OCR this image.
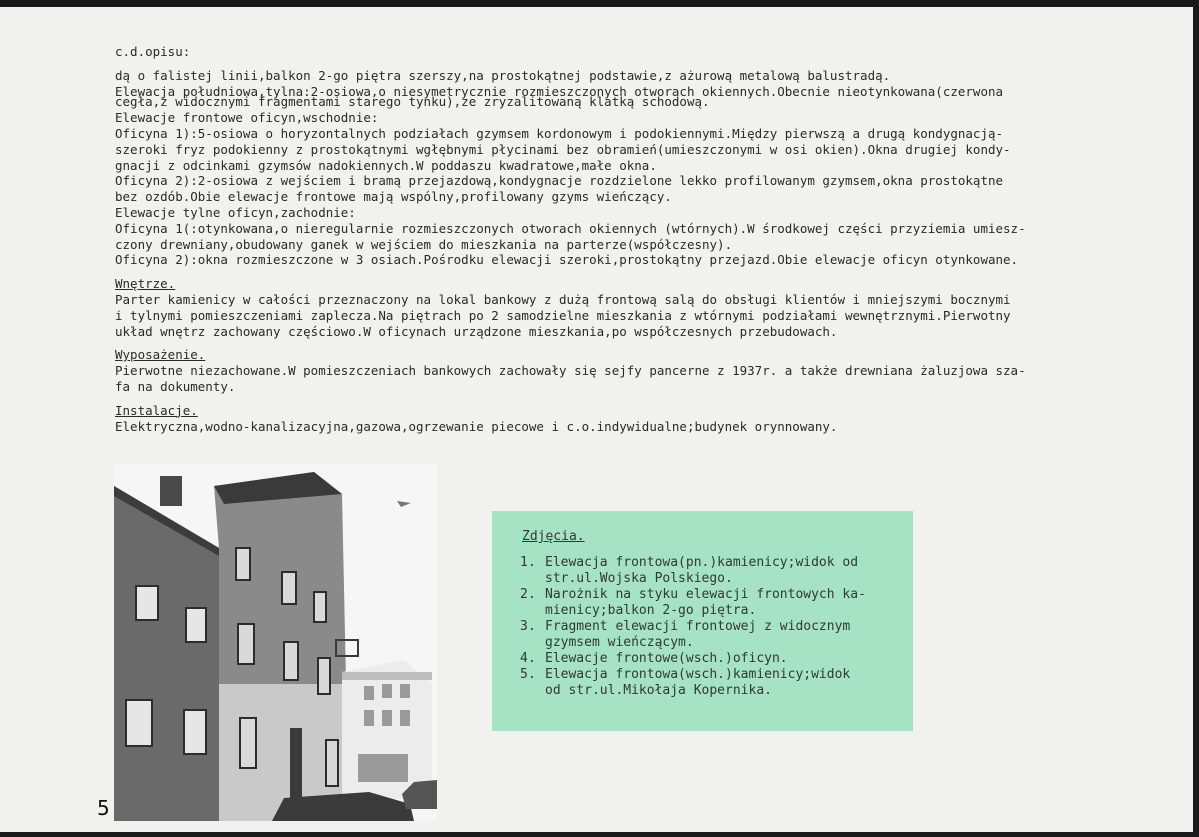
c.d.opisu:
dą o falistej linii,balkon 2-go piętra szerszy,na prostokątnej podstawie,z ażurową metalową balustradą.
Elewacja południowa,tylna:2-osiowa,o niesymetrycznie rozmieszczonych otworach okiennych.Obecnie nieotynkowana(czerwona
cegła,z widocznymi fragmentami starego tynku),ze zryzalitowaną klatką schodową.
Elewacje frontowe oficyn,wschodnie:
Oficyna 1):5-osiowa o horyzontalnych podziałach gzymsem kordonowym i podokiennymi.Między pierwszą a drugą kondygnacją-
szeroki fryz podokienny z prostokątnymi wgłębnymi płycinami bez obramień(umieszczonymi w osi okien).Okna drugiej kondy-
gnacji z odcinkami gzymsów nadokiennych.W poddaszu kwadratowe,małe okna.
Oficyna 2):2-osiowa z wejściem i bramą przejazdową,kondygnacje rozdzielone lekko profilowanym gzymsem,okna prostokątne
bez ozdób.Obie elewacje frontowe mają wspólny,profilowany gzyms wieńczący.
Elewacje tylne oficyn,zachodnie:
Oficyna 1(:otynkowana,o nieregularnie rozmieszczonych otworach okiennych (wtórnych).W środkowej części przyziemia umiesz-
czony drewniany,obudowany ganek w wejściem do mieszkania na parterze(współczesny).
Oficyna 2):okna rozmieszczone w 3 osiach.Pośrodku elewacji szeroki,prostokątny przejazd.Obie elewacje oficyn otynkowane.
Wnętrze.
Parter kamienicy w całości przeznaczony na lokal bankowy z dużą frontową salą do obsługi klientów i mniejszymi bocznymi
i tylnymi pomieszczeniami zaplecza.Na piętrach po 2 samodzielne mieszkania z wtórnymi podziałami wewnętrznymi.Pierwotny
układ wnętrz zachowany częściowo.W oficynach urządzone mieszkania,po współczesnych przebudowach.
Wyposażenie.
Pierwotne niezachowane.W pomieszczeniach bankowych zachowały się sejfy pancerne z 1937r. a także drewniana żaluzjowa sza-
fa na dokumenty.
Instalacje.
Elektryczna,wodno-kanalizacyjna,gazowa,ogrzewanie piecowe i c.o.indywidualne;budynek orynnowany.
5
Zdjęcia.
1. Elewacja frontowa(pn.)kamienicy;widok od
str.ul.Wojska Polskiego.
2. Narożnik na styku elewacji frontowych ka-
mienicy;balkon 2-go piętra.
3. Fragment elewacji frontowej z widocznym
gzymsem wieńczącym.
4. Elewacje frontowe(wsch.)oficyn.
5. Elewacja frontowa(wsch.)kamienicy;widok
od str.ul.Mikołaja Kopernika.
